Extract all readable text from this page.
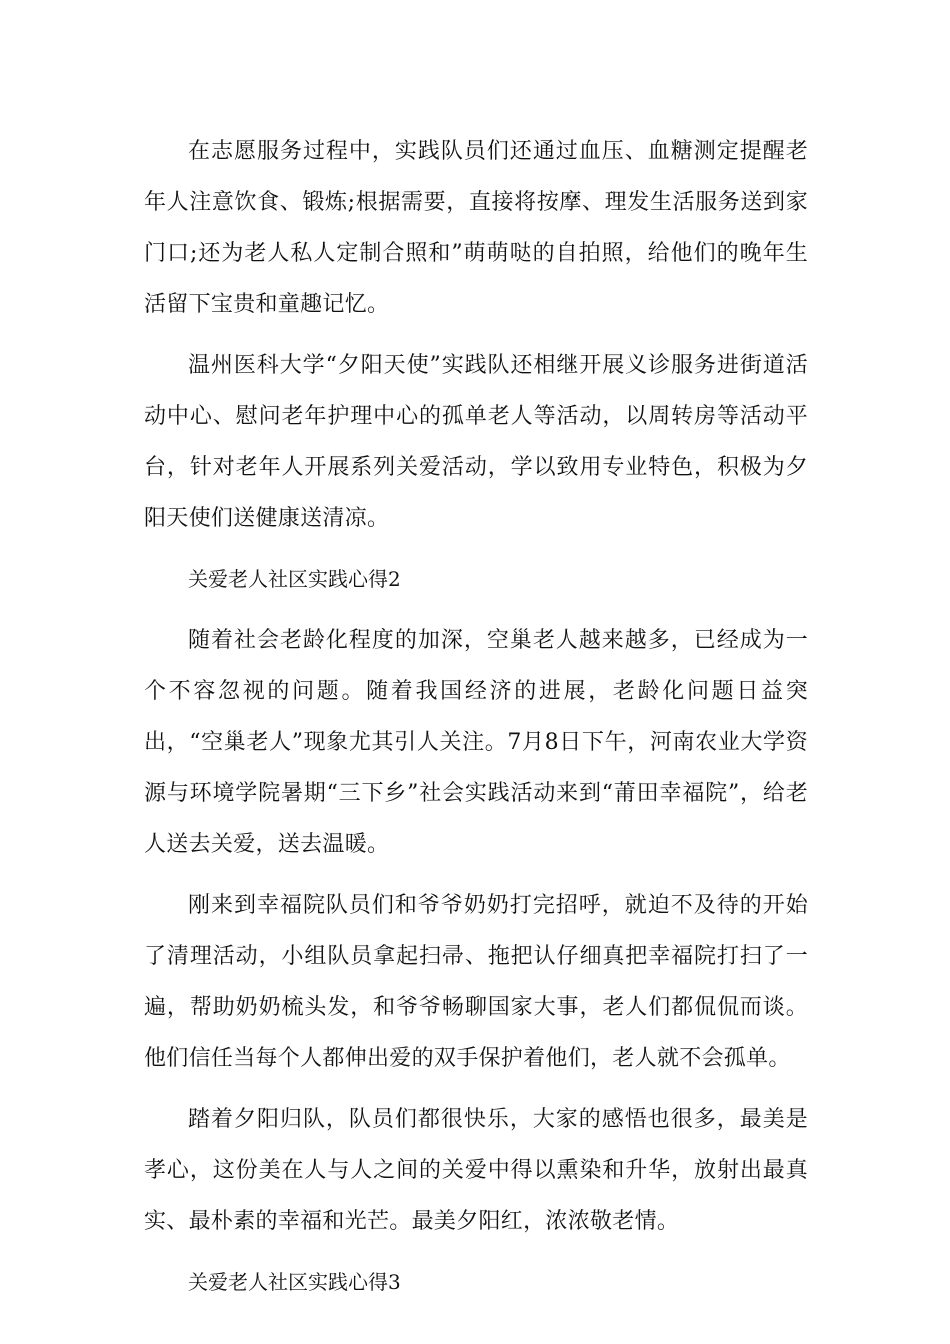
在志愿服务过程中，实践队员们还通过血压、血糖测定提醒老年人注意饮食、锻炼;根据需要，直接将按摩、理发生活服务送到家门口;还为老人私人定制合照和”萌萌哒的自拍照，给他们的晚年生活留下宝贵和童趣记忆。

温州医科大学“夕阳天使”实践队还相继开展义诊服务进街道活动中心、慰问老年护理中心的孤单老人等活动，以周转房等活动平台，针对老年人开展系列关爱活动，学以致用专业特色，积极为夕阳天使们送健康送清凉。

关爱老人社区实践心得2

随着社会老龄化程度的加深，空巢老人越来越多，已经成为一个不容忽视的问题。随着我国经济的进展，老龄化问题日益突出，“空巢老人”现象尤其引人关注。7月8日下午，河南农业大学资源与环境学院暑期“三下乡”社会实践活动来到“莆田幸福院”，给老人送去关爱，送去温暖。

刚来到幸福院队员们和爷爷奶奶打完招呼，就迫不及待的开始了清理活动，小组队员拿起扫帚、拖把认仔细真把幸福院打扫了一遍，帮助奶奶梳头发，和爷爷畅聊国家大事，老人们都侃侃而谈。他们信任当每个人都伸出爱的双手保护着他们，老人就不会孤单。

踏着夕阳归队，队员们都很快乐，大家的感悟也很多，最美是孝心，这份美在人与人之间的关爱中得以熏染和升华，放射出最真实、最朴素的幸福和光芒。最美夕阳红，浓浓敬老情。

关爱老人社区实践心得3
